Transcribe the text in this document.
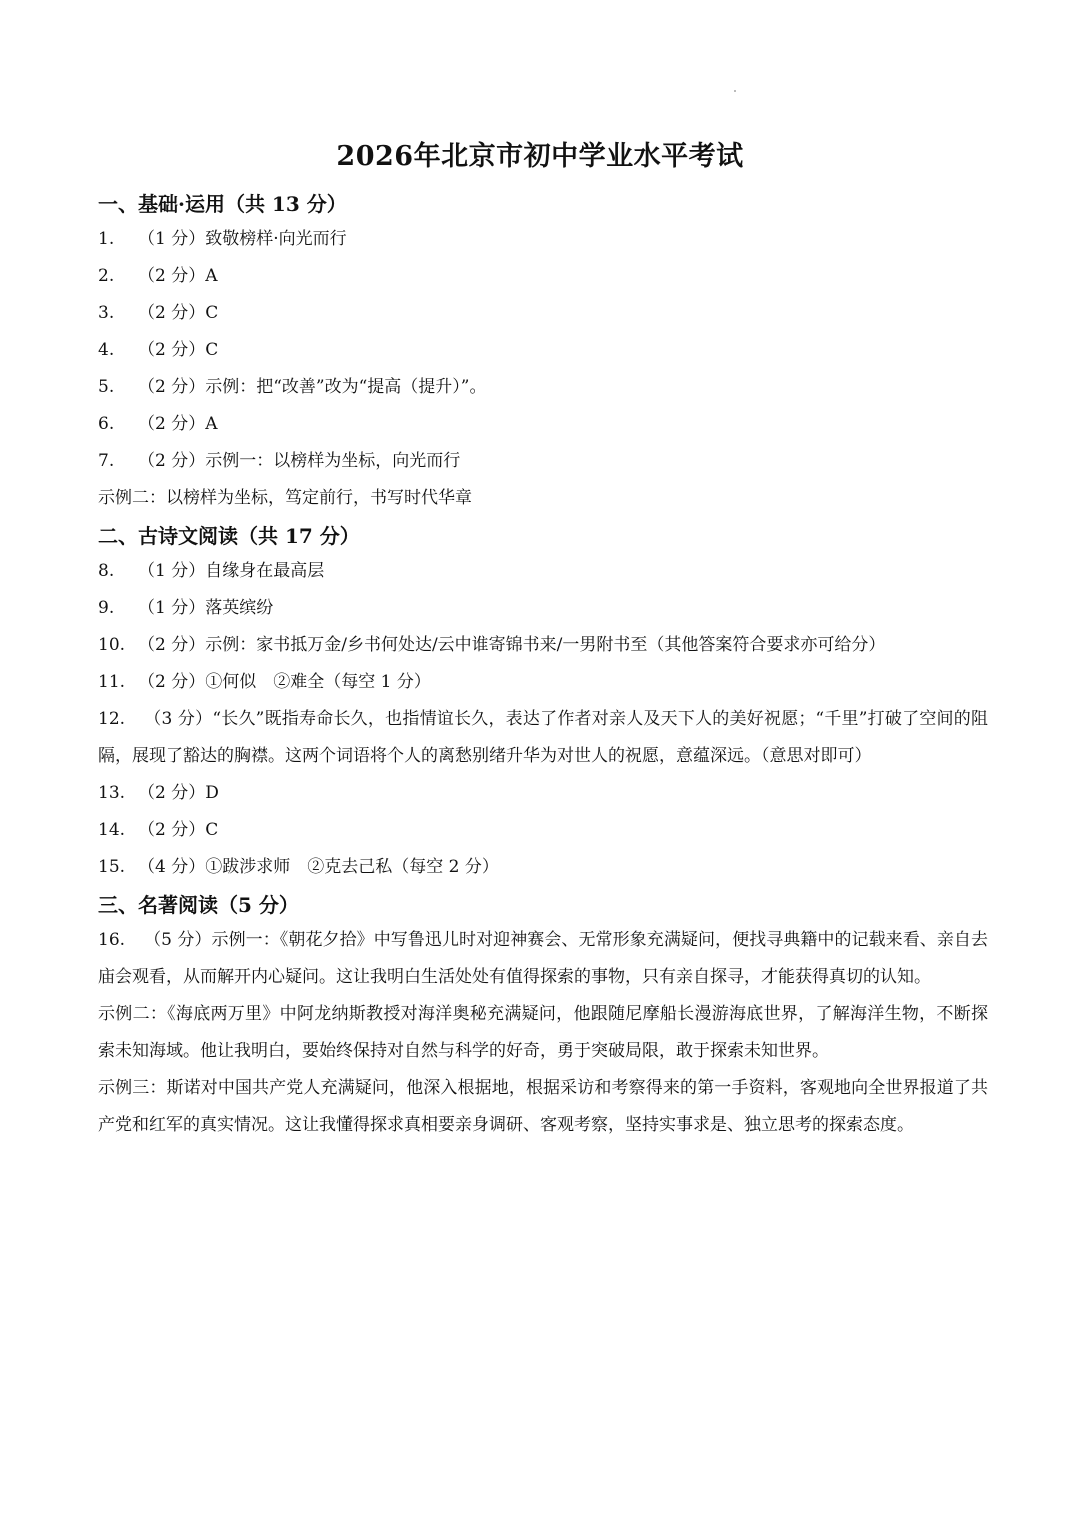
2026年北京市初中学业水平考试
一、基础·运用（共 13 分）
1. （1 分）致敬榜样·向光而行
2. （2 分）A
3. （2 分）C
4. （2 分）C
5. （2 分）示例：把“改善”改为“提高（提升）”。
6. （2 分）A
7. （2 分）示例一：以榜样为坐标，向光而行
示例二：以榜样为坐标，笃定前行，书写时代华章
二、古诗文阅读（共 17 分）
8. （1 分）自缘身在最高层
9. （1 分）落英缤纷
10. （2 分）示例：家书抵万金/乡书何处达/云中谁寄锦书来/一男附书至（其他答案符合要求亦可给分）
11. （2 分）①何似　②难全（每空 1 分）
12. （3 分）“长久”既指寿命长久，也指情谊长久，表达了作者对亲人及天下人的美好祝愿；“千里”打破了空间的阻隔，展现了豁达的胸襟。这两个词语将个人的离愁别绪升华为对世人的祝愿，意蕴深远。（意思对即可）
13. （2 分）D
14. （2 分）C
15. （4 分）①跋涉求师　②克去己私（每空 2 分）
三、名著阅读（5 分）
16. （5 分）示例一：《朝花夕拾》中写鲁迅儿时对迎神赛会、无常形象充满疑问，便找寻典籍中的记载来看、亲自去庙会观看，从而解开内心疑问。这让我明白生活处处有值得探索的事物，只有亲自探寻，才能获得真切的认知。
示例二：《海底两万里》中阿龙纳斯教授对海洋奥秘充满疑问，他跟随尼摩船长漫游海底世界，了解海洋生物，不断探索未知海域。他让我明白，要始终保持对自然与科学的好奇，勇于突破局限，敢于探索未知世界。
示例三：斯诺对中国共产党人充满疑问，他深入根据地，根据采访和考察得来的第一手资料，客观地向全世界报道了共产党和红军的真实情况。这让我懂得探求真相要亲身调研、客观考察，坚持实事求是、独立思考的探索态度。
